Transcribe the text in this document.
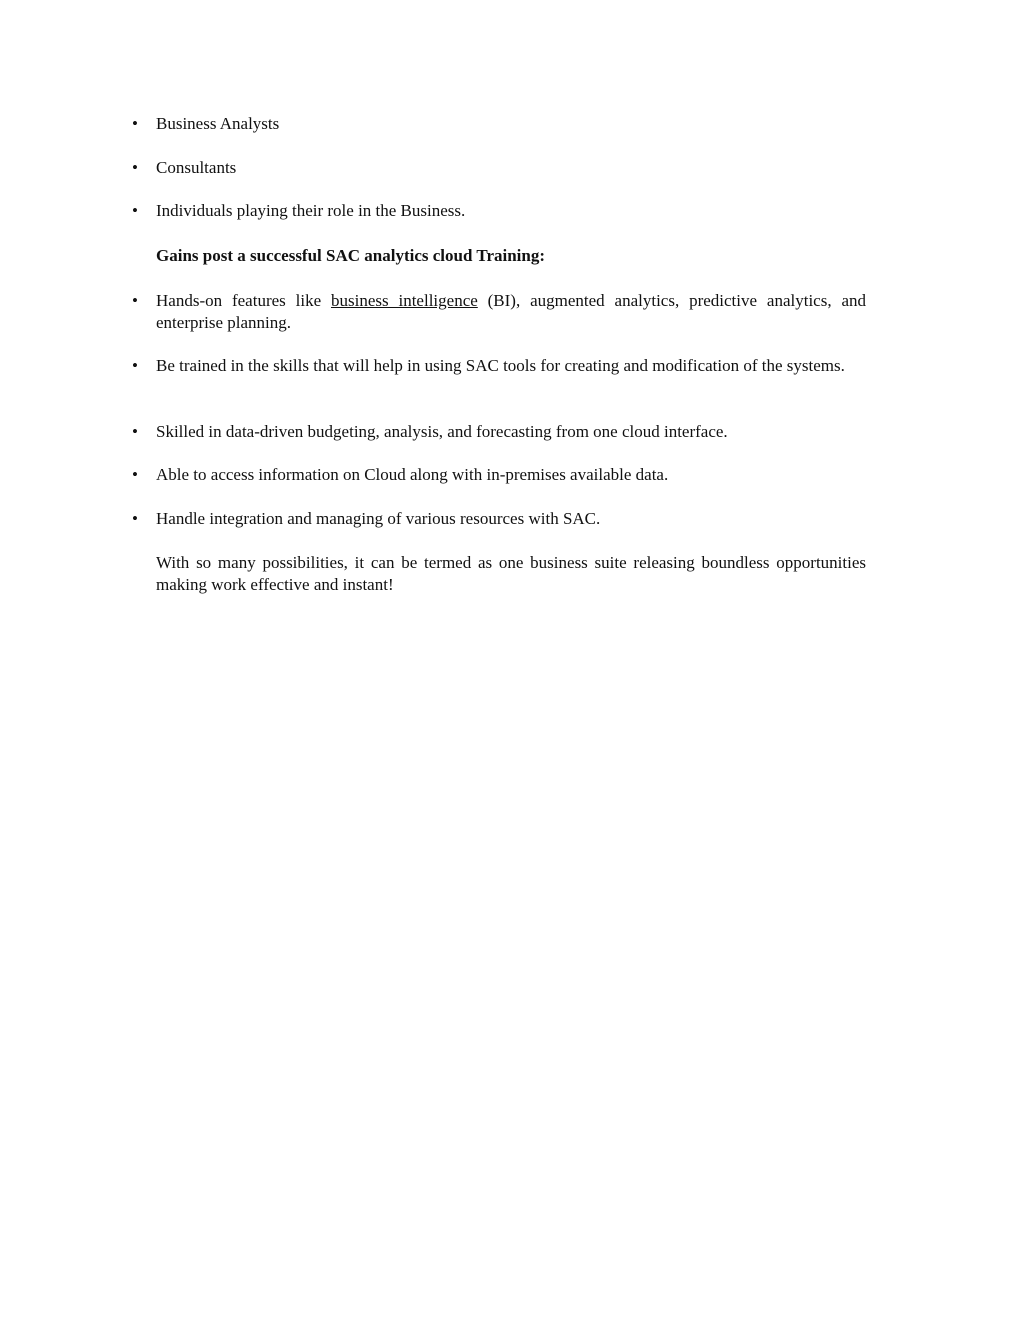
• Business Analysts
• Consultants
• Individuals playing their role in the Business.
Gains post a successful SAC analytics cloud Training:
• Hands-on features like business intelligence (BI), augmented analytics, predictive analytics, and enterprise planning.
• Be trained in the skills that will help in using SAC tools for creating and modification of the systems.
• Skilled in data-driven budgeting, analysis, and forecasting from one cloud interface.
• Able to access information on Cloud along with in-premises available data.
• Handle integration and managing of various resources with SAC.
With so many possibilities, it can be termed as one business suite releasing boundless opportunities making work effective and instant!
